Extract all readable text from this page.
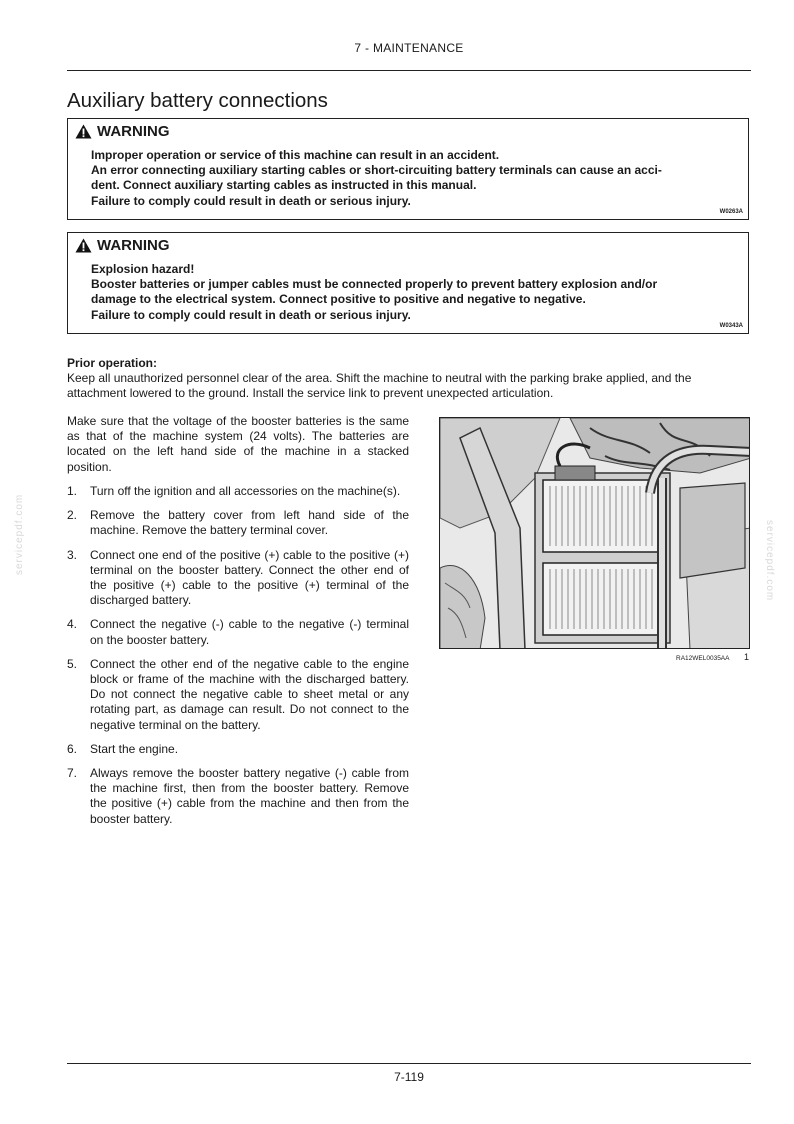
7 - MAINTENANCE
Auxiliary battery connections
WARNING

Improper operation or service of this machine can result in an accident.

An error connecting auxiliary starting cables or short-circuiting battery terminals can cause an acci-

dent. Connect auxiliary starting cables as instructed in this manual.

Failure to comply could result in death or serious injury.

W0263A
WARNING

Explosion hazard!

Booster batteries or jumper cables must be connected properly to prevent battery explosion and/or

damage to the electrical system. Connect positive to positive and negative to negative.

Failure to comply could result in death or serious injury.

W0343A
Prior operation:
Keep all unauthorized personnel clear of the area. Shift the machine to neutral with the parking brake applied, and the attachment lowered to the ground. Install the service link to prevent unexpected articulation.
Make sure that the voltage of the booster batteries is the same as that of the machine system (24 volts). The batteries are located on the left hand side of the machine in a stacked position.
1. Turn off the ignition and all accessories on the machine(s).
2. Remove the battery cover from left hand side of the machine. Remove the battery terminal cover.
3. Connect one end of the positive (+) cable to the positive (+) terminal on the booster battery. Connect the other end of the positive (+) cable to the positive (+) terminal of the discharged battery.
4. Connect the negative (-) cable to the negative (-) terminal on the booster battery.
5. Connect the other end of the negative cable to the engine block or frame of the machine with the discharged battery. Do not connect the negative cable to sheet metal or any rotating part, as damage can result. Do not connect to the negative terminal on the battery.
6. Start the engine.
7. Always remove the booster battery negative (-) cable from the machine first, then from the booster battery. Remove the positive (+) cable from the machine and then from the booster battery.
RA12WEL0035AA 1
servicepdf.com	servicepdf.com
7-119
